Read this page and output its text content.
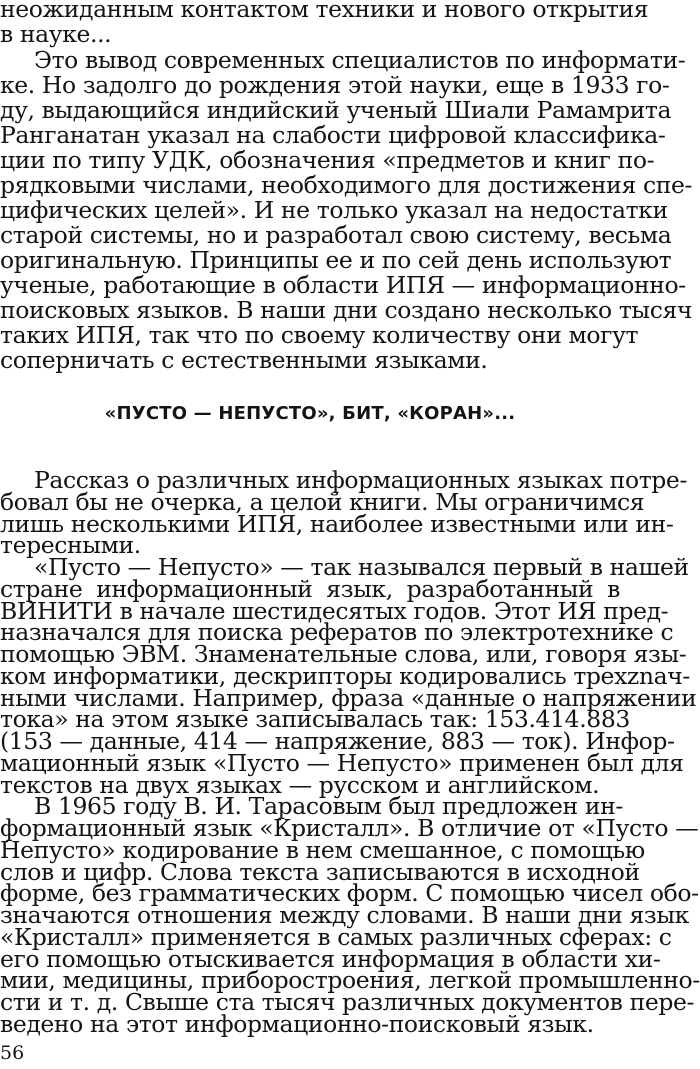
неожиданным контактом техники и нового открытия
в науке...
Это вывод современных специалистов по информати-
ке. Но задолго до рождения этой науки, еще в 1933 го-
ду, выдающийся индийский ученый Шиали Рамамрита
Ранганатан указал на слабости цифровой классифика-
ции по типу УДК, обозначения «предметов и книг по-
рядковыми числами, необходимого для достижения спе-
цифических целей». И не только указал на недостатки
старой системы, но и разработал свою систему, весьма
оригинальную. Принципы ее и по сей день используют
ученые, работающие в области ИПЯ — информационно-
поисковых языков. В наши дни создано несколько тысяч
таких ИПЯ, так что по своему количеству они могут
соперничать с естественными языками.
«ПУСТО — НЕПУСТО», БИТ, «КОРАН»...
Рассказ о различных информационных языках потре-
бовал бы не очерка, а целой книги. Мы ограничимся
лишь несколькими ИПЯ, наиболее известными или ин-
тересными.
«Пусто — Непусто» — так назывался первый в нашей
стране информационный язык, разработанный в
ВИНИТИ в начале шестидесятых годов. Этот ИЯ пред-
назначался для поиска рефератов по электротехнике с
помощью ЭВМ. Знаменательные слова, или, говоря язы-
ком информатики, дескрипторы кодировались трехznач-
ными числами. Например, фраза «данные о напряжении
тока» на этом языке записывалась так: 153.414.883
(153 — данные, 414 — напряжение, 883 — ток). Инфор-
мационный язык «Пусто — Непусто» применен был для
текстов на двух языках — русском и английском.
В 1965 году В. И. Тарасовым был предложен ин-
формационный язык «Кристалл». В отличие от «Пусто —
Непусто» кодирование в нем смешанное, с помощью
слов и цифр. Слова текста записываются в исходной
форме, без грамматических форм. С помощью чисел обо-
значаются отношения между словами. В наши дни язык
«Кристалл» применяется в самых различных сферах: с
его помощью отыскивается информация в области хи-
мии, медицины, приборостроения, легкой промышленно-
сти и т. д. Свыше ста тысяч различных документов пере-
ведено на этот информационно-поисковый язык.
56
